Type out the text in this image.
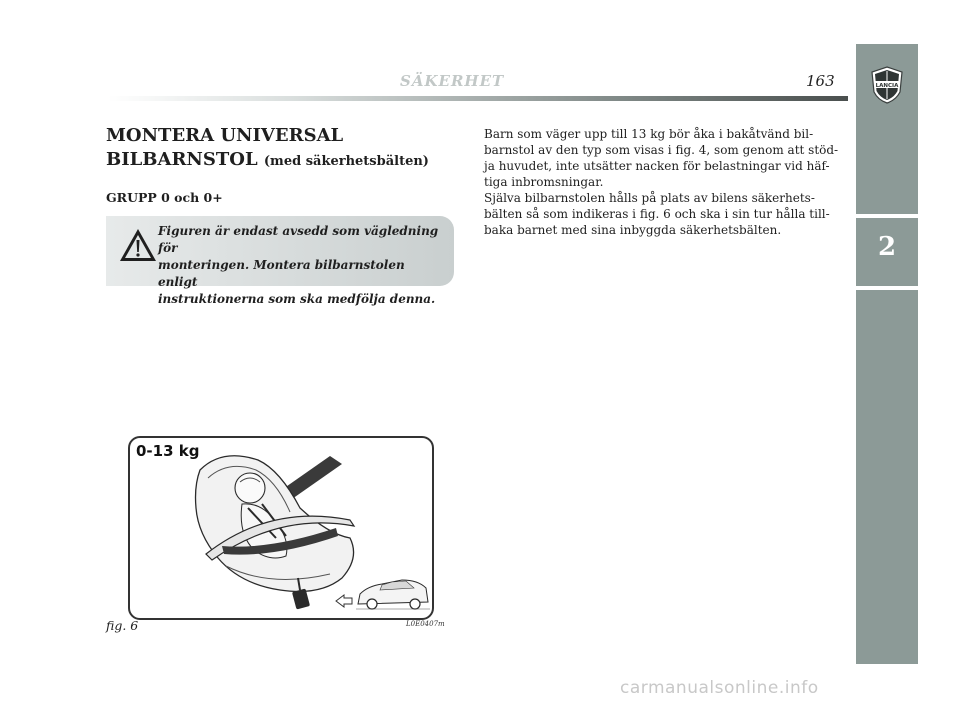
LANCIA
2
SÄKERHET	163
MONTERA UNIVERSAL
BILBARNSTOL (med säkerhetsbälten)
GRUPP 0 och 0+
Figuren är endast avsedd som vägledning för
monteringen. Montera bilbarnstolen enligt
instruktionerna som ska medfölja denna.
0-13 kg
fig. 6	L0E0407m

Barn som väger upp till 13 kg bör åka i bakåtvänd bil-

barnstol av den typ som visas i fig. 4, som genom att stöd-

ja huvudet, inte utsätter nacken för belastningar vid häf-

tiga inbromsningar.

Själva bilbarnstolen hålls på plats av bilens säkerhets-

bälten så som indikeras i fig. 6 och ska i sin tur hålla till-

baka barnet med sina inbyggda säkerhetsbälten.

carmanualsonline.info
